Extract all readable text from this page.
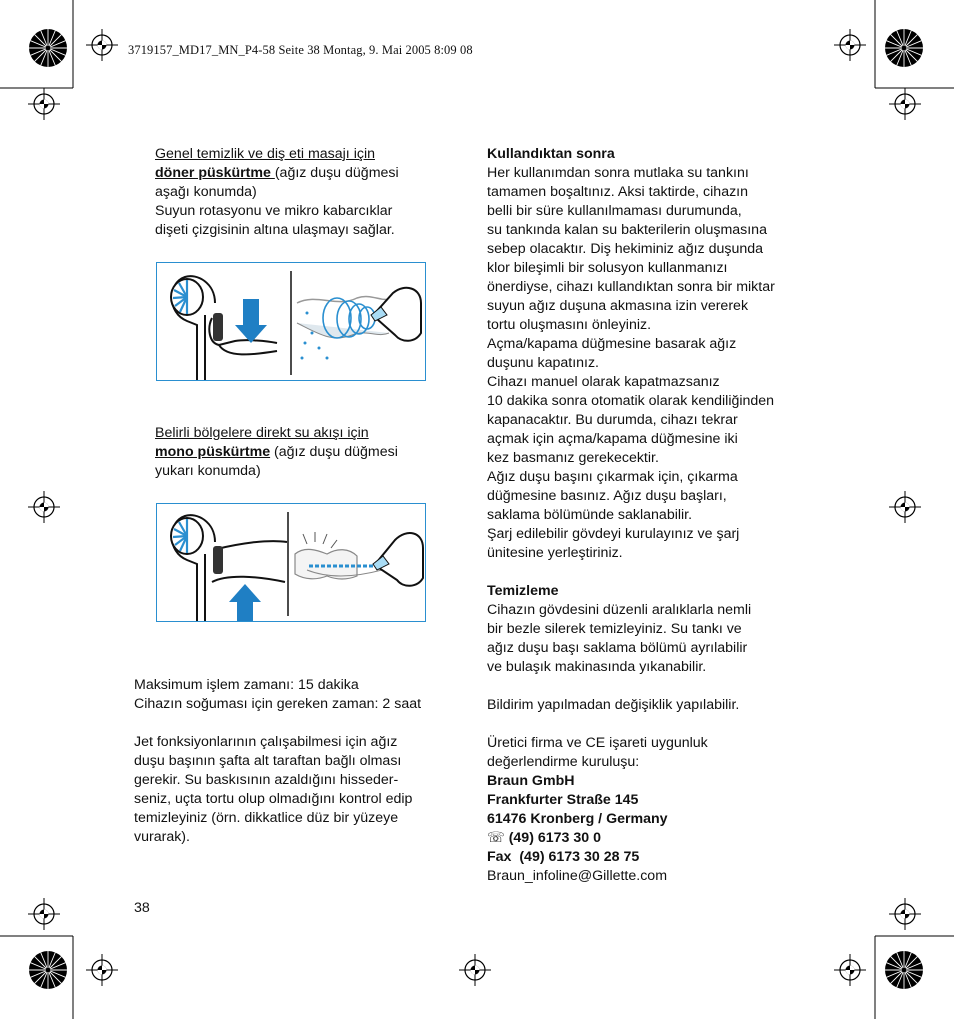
3719157_MD17_MN_P4-58 Seite 38 Montag, 9. Mai 2005 8:09 08

Genel temizlik ve diş eti masajı için

döner püskürtme (ağız duşu düğmesi

aşağı konumda)

Suyun rotasyonu ve mikro kabarcıklar

dişeti çizgisinin altına ulaşmayı sağlar.

Belirli bölgelere direkt su akışı için

mono püskürtme (ağız duşu düğmesi

yukarı konumda)

Maksimum işlem zamanı: 15 dakika

Cihazın soğuması için gereken zaman: 2 saat

Jet fonksiyonlarının çalışabilmesi için ağız

duşu başının şafta alt taraftan bağlı olması

gerekir. Su baskısının azaldığını hisseder-

seniz, uçta tortu olup olmadığını kontrol edip

temizleyiniz (örn. dikkatlice düz bir yüzeye

vurarak).

Kullandıktan sonra

Her kullanımdan sonra mutlaka su tankını

tamamen boşaltınız. Aksi taktirde, cihazın

belli bir süre kullanılmaması durumunda,

su tankında kalan su bakterilerin oluşmasına

sebep olacaktır. Diş hekiminiz ağız duşunda

klor bileşimli bir solusyon kullanmanızı

önerdiyse, cihazı kullandıktan sonra bir miktar

suyun ağız duşuna akmasına izin vererek

tortu oluşmasını önleyiniz.

Açma/kapama düğmesine basarak ağız

duşunu kapatınız.

Cihazı manuel olarak kapatmazsanız

10 dakika sonra otomatik olarak kendiliğinden

kapanacaktır. Bu durumda, cihazı tekrar

açmak için açma/kapama düğmesine iki

kez basmanız gerekecektir.

Ağız duşu başını çıkarmak için, çıkarma

düğmesine basınız. Ağız duşu başları,

saklama bölümünde saklanabilir.

Şarj edilebilir gövdeyi kurulayınız ve şarj

ünitesine yerleştiriniz.

Temizleme

Cihazın gövdesini düzenli aralıklarla nemli

bir bezle silerek temizleyiniz. Su tankı ve

ağız duşu başı saklama bölümü ayrılabilir

ve bulaşık makinasında yıkanabilir.

Bildirim yapılmadan değişiklik yapılabilir.

Üretici firma ve CE işareti uygunluk

değerlendirme kuruluşu:

Braun GmbH

Frankfurter Straße 145

61476 Kronberg / Germany

☏ (49) 6173 30 0

Fax  (49) 6173 30 28 75

Braun_infoline@Gillette.com

38
